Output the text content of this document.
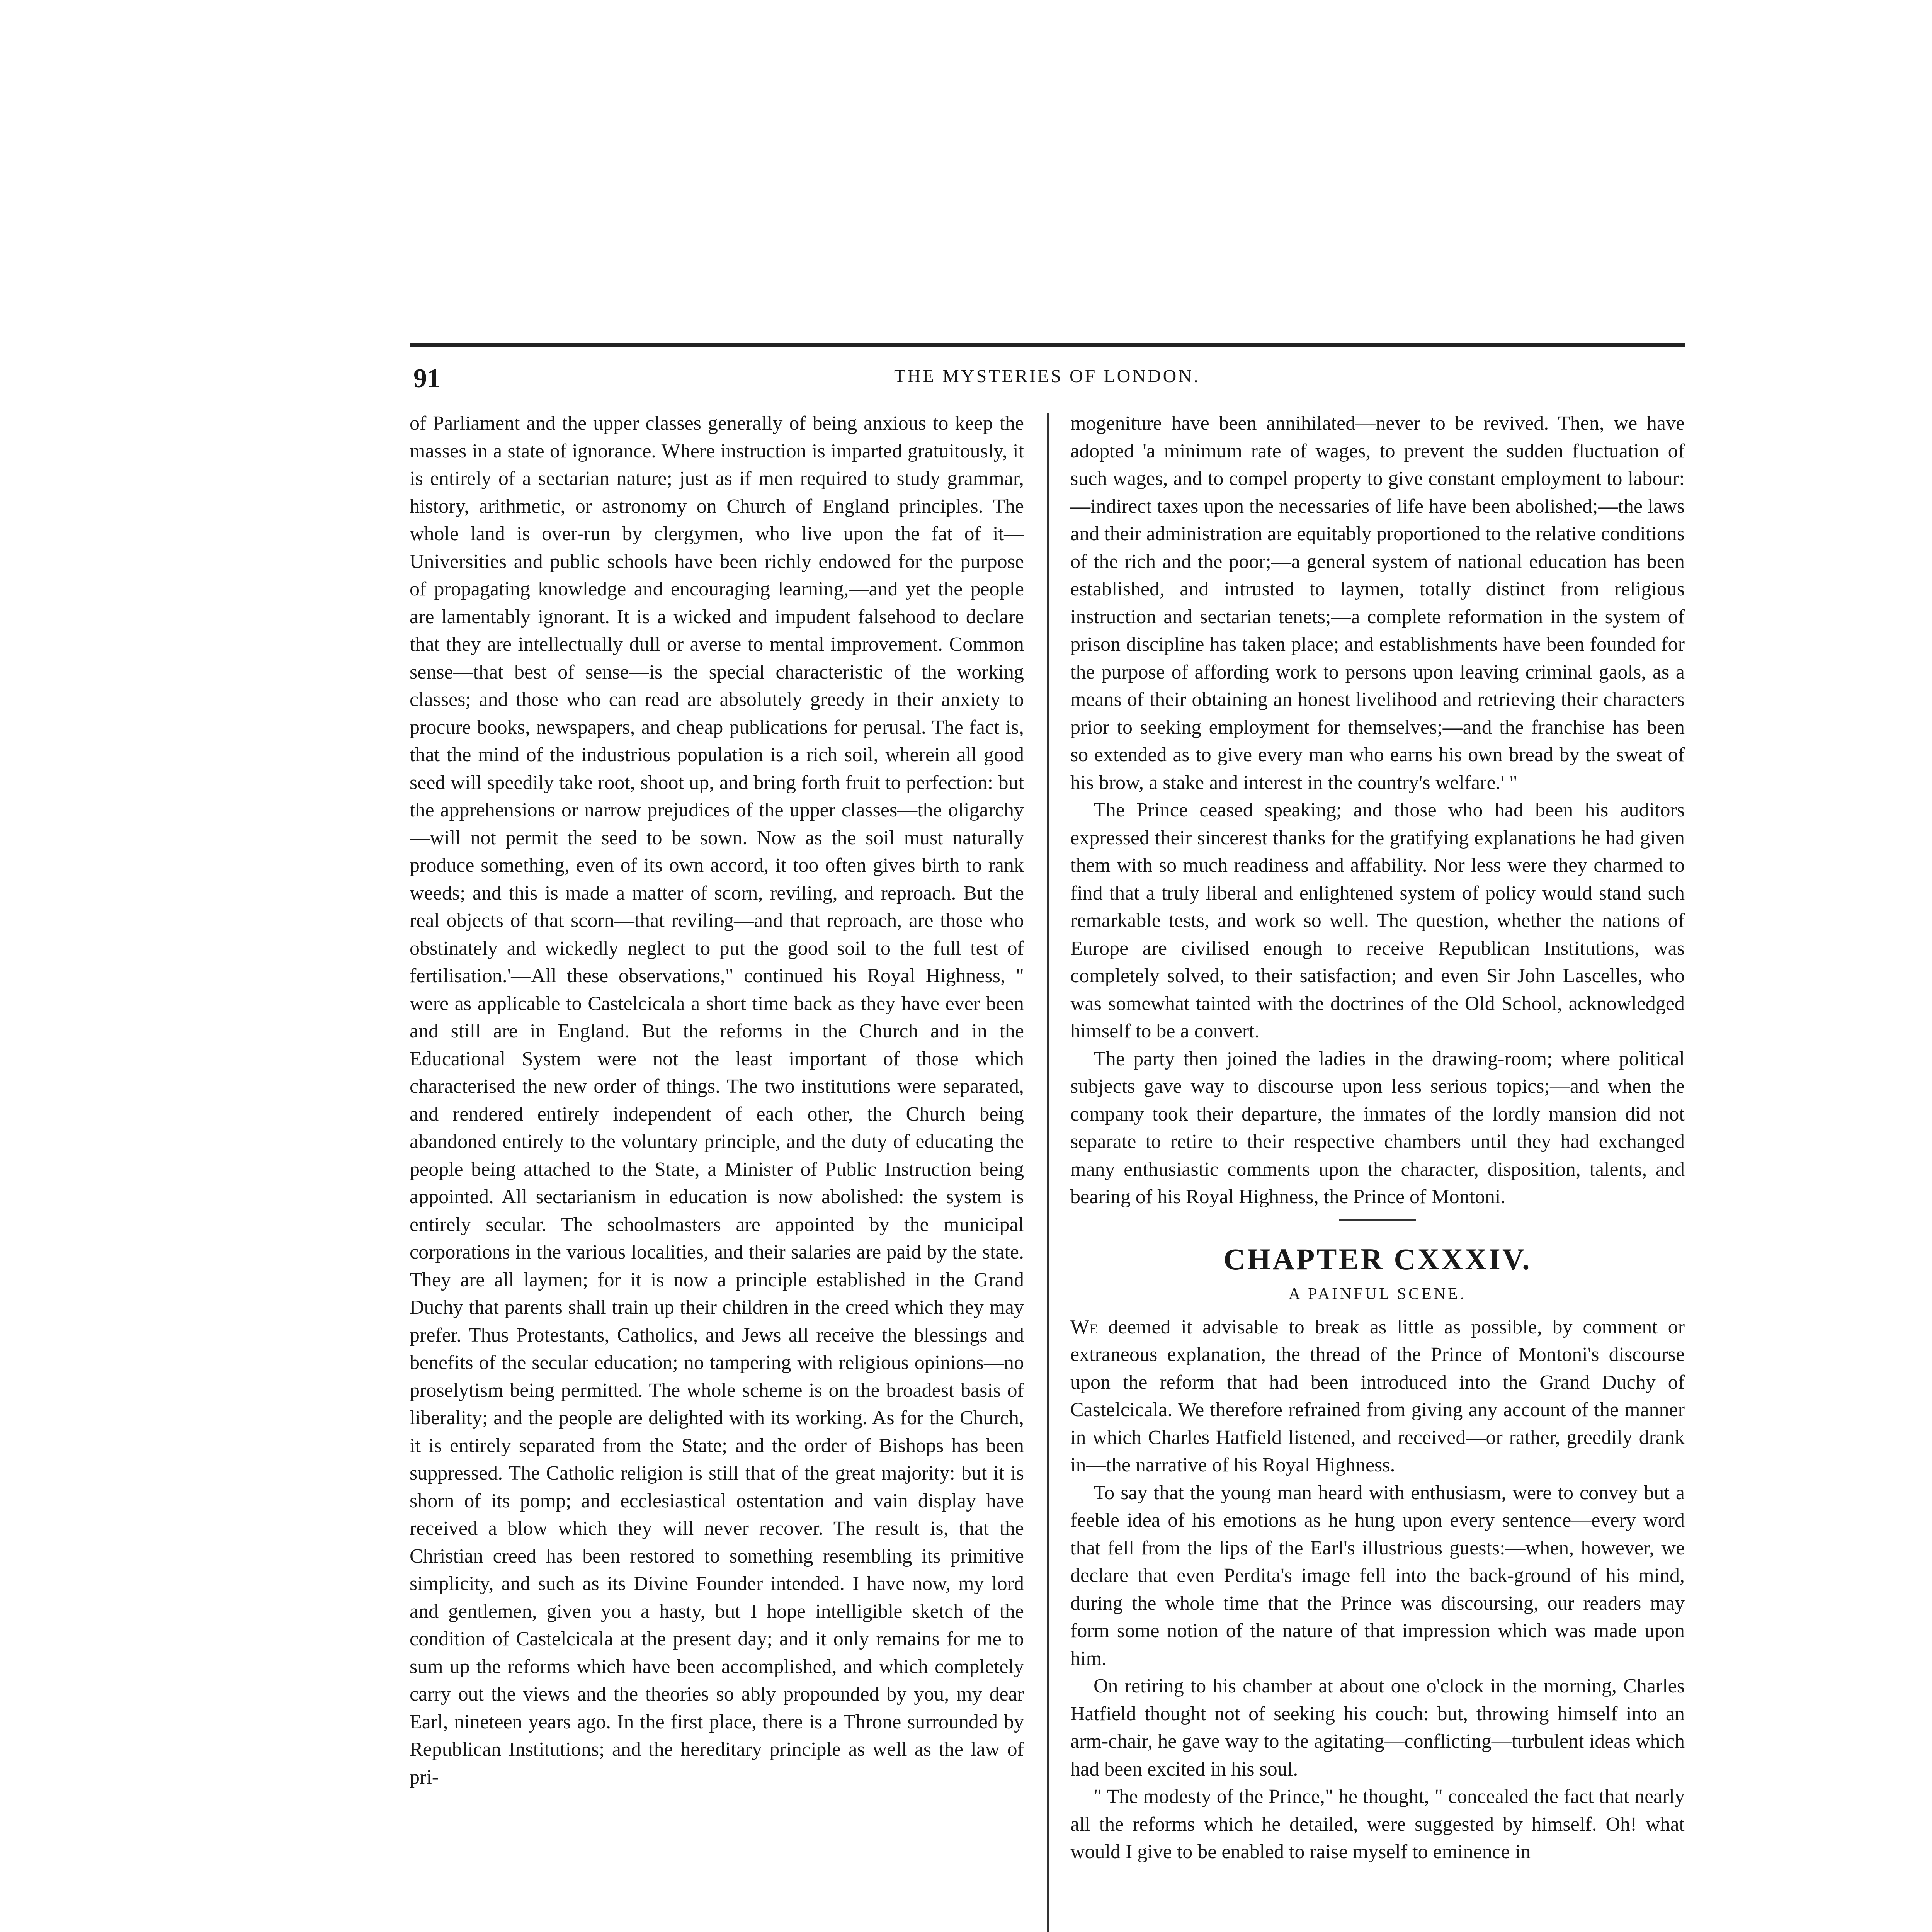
91	THE MYSTERIES OF LONDON.

of Parliament and the upper classes generally of being anxious to keep the masses in a state of ignorance. Where instruction is imparted gratuitously, it is entirely of a sectarian nature; just as if men required to study grammar, history, arithmetic, or astronomy on Church of England principles. The whole land is over-run by clergymen, who live upon the fat of it—Universities and public schools have been richly endowed for the purpose of propagating knowledge and encouraging learning,—and yet the people are lamentably ignorant. It is a wicked and impudent falsehood to declare that they are intellectually dull or averse to mental improvement. Common sense—that best of sense—is the special characteristic of the working classes; and those who can read are absolutely greedy in their anxiety to procure books, newspapers, and cheap publications for perusal. The fact is, that the mind of the industrious population is a rich soil, wherein all good seed will speedily take root, shoot up, and bring forth fruit to perfection: but the apprehensions or narrow prejudices of the upper classes—the oligarchy—will not permit the seed to be sown. Now as the soil must naturally produce something, even of its own accord, it too often gives birth to rank weeds; and this is made a matter of scorn, reviling, and reproach. But the real objects of that scorn—that reviling—and that reproach, are those who obstinately and wickedly neglect to put the good soil to the full test of fertilisation.'—All these observations," continued his Royal Highness, " were as applicable to Castelcicala a short time back as they have ever been and still are in England. But the reforms in the Church and in the Educational System were not the least important of those which characterised the new order of things. The two institutions were separated, and rendered entirely independent of each other, the Church being abandoned entirely to the voluntary principle, and the duty of educating the people being attached to the State, a Minister of Public Instruction being appointed. All sectarianism in education is now abolished: the system is entirely secular. The schoolmasters are appointed by the municipal corporations in the various localities, and their salaries are paid by the state. They are all laymen; for it is now a principle established in the Grand Duchy that parents shall train up their children in the creed which they may prefer. Thus Protestants, Catholics, and Jews all receive the blessings and benefits of the secular education; no tampering with religious opinions—no proselytism being permitted. The whole scheme is on the broadest basis of liberality; and the people are delighted with its working. As for the Church, it is entirely separated from the State; and the order of Bishops has been suppressed. The Catholic religion is still that of the great majority: but it is shorn of its pomp; and ecclesiastical ostentation and vain display have received a blow which they will never recover. The result is, that the Christian creed has been restored to something resembling its primitive simplicity, and such as its Divine Founder intended. I have now, my lord and gentlemen, given you a hasty, but I hope intelligible sketch of the condition of Castelcicala at the present day; and it only remains for me to sum up the reforms which have been accomplished, and which completely carry out the views and the theories so ably propounded by you, my dear Earl, nineteen years ago. In the first place, there is a Throne surrounded by Republican Institutions; and the hereditary principle as well as the law of pri-

mogeniture have been annihilated—never to be revived. Then, we have adopted 'a minimum rate of wages, to prevent the sudden fluctuation of such wages, and to compel property to give constant employment to labour:—indirect taxes upon the necessaries of life have been abolished;—the laws and their administration are equitably proportioned to the relative conditions of the rich and the poor;—a general system of national education has been established, and intrusted to laymen, totally distinct from religious instruction and sectarian tenets;—a complete reformation in the system of prison discipline has taken place; and establishments have been founded for the purpose of affording work to persons upon leaving criminal gaols, as a means of their obtaining an honest livelihood and retrieving their characters prior to seeking employment for themselves;—and the franchise has been so extended as to give every man who earns his own bread by the sweat of his brow, a stake and interest in the country's welfare.' "

The Prince ceased speaking; and those who had been his auditors expressed their sincerest thanks for the gratifying explanations he had given them with so much readiness and affability. Nor less were they charmed to find that a truly liberal and enlightened system of policy would stand such remarkable tests, and work so well. The question, whether the nations of Europe are civilised enough to receive Republican Institutions, was completely solved, to their satisfaction; and even Sir John Lascelles, who was somewhat tainted with the doctrines of the Old School, acknowledged himself to be a convert.

The party then joined the ladies in the drawing-room; where political subjects gave way to discourse upon less serious topics;—and when the company took their departure, the inmates of the lordly mansion did not separate to retire to their respective chambers until they had exchanged many enthusiastic comments upon the character, disposition, talents, and bearing of his Royal Highness, the Prince of Montoni.

CHAPTER CXXXIV.
A PAINFUL SCENE.

We deemed it advisable to break as little as possible, by comment or extraneous explanation, the thread of the Prince of Montoni's discourse upon the reform that had been introduced into the Grand Duchy of Castelcicala. We therefore refrained from giving any account of the manner in which Charles Hatfield listened, and received—or rather, greedily drank in—the narrative of his Royal Highness.

To say that the young man heard with enthusiasm, were to convey but a feeble idea of his emotions as he hung upon every sentence—every word that fell from the lips of the Earl's illustrious guests:—when, however, we declare that even Perdita's image fell into the back-ground of his mind, during the whole time that the Prince was discoursing, our readers may form some notion of the nature of that impression which was made upon him.

On retiring to his chamber at about one o'clock in the morning, Charles Hatfield thought not of seeking his couch: but, throwing himself into an arm-chair, he gave way to the agitating—conflicting—turbulent ideas which had been excited in his soul.

" The modesty of the Prince," he thought, " concealed the fact that nearly all the reforms which he detailed, were suggested by himself. Oh! what would I give to be enabled to raise myself to eminence in
